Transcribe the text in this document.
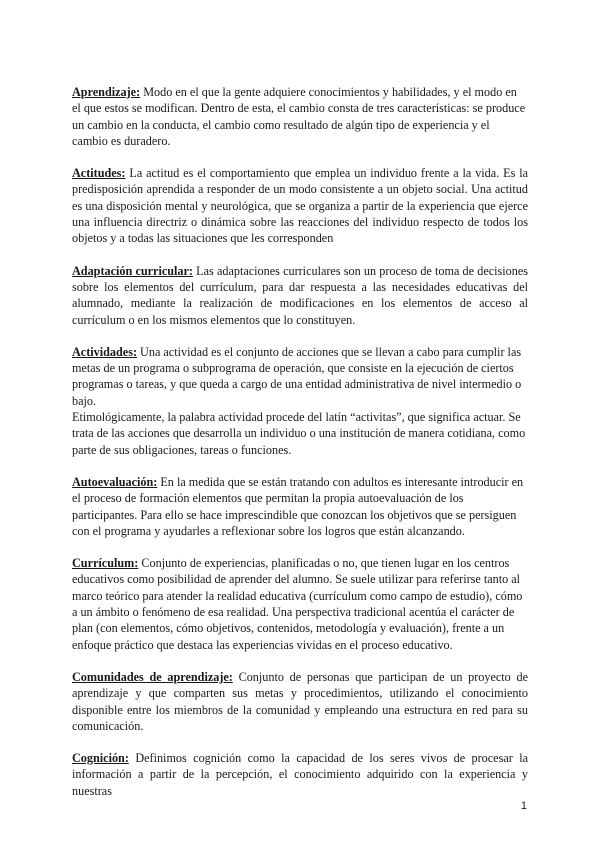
Aprendizaje: Modo en el que la gente adquiere conocimientos y habilidades, y el modo en el que estos se modifican. Dentro de esta, el cambio consta de tres características: se produce un cambio en la conducta, el cambio como resultado de algún tipo de experiencia y el cambio es duradero.

Actitudes: La actitud es el comportamiento que emplea un individuo frente a la vida. Es la predisposición aprendida a responder de un modo consistente a un objeto social. Una actitud es una disposición mental y neurológica, que se organiza a partir de la experiencia que ejerce una influencia directriz o dinámica sobre las reacciones del individuo respecto de todos los objetos y a todas las situaciones que les corresponden

Adaptación curricular: Las adaptaciones curriculares son un proceso de toma de decisiones sobre los elementos del currículum, para dar respuesta a las necesidades educativas del alumnado, mediante la realización de modificaciones en los elementos de acceso al currículum o en los mismos elementos que lo constituyen.

Actividades: Una actividad es el conjunto de acciones que se llevan a cabo para cumplir las metas de un programa o subprograma de operación, que consiste en la ejecución de ciertos programas o tareas, y que queda a cargo de una entidad administrativa de nivel intermedio o bajo.
Etimológicamente, la palabra actividad procede del latín “activitas”, que significa actuar. Se trata de las acciones que desarrolla un individuo o una institución de manera cotidiana, como parte de sus obligaciones, tareas o funciones.

Autoevaluación: En la medida que se están tratando con adultos es interesante introducir en el proceso de formación elementos que permitan la propia autoevaluación de los participantes. Para ello se hace imprescindible que conozcan los objetivos que se persiguen con el programa y ayudarles a reflexionar sobre los logros que están alcanzando.

Currículum: Conjunto de experiencias, planificadas o no, que tienen lugar en los centros educativos como posibilidad de aprender del alumno. Se suele utilizar para referirse tanto al marco teórico para atender la realidad educativa (currículum como campo de estudio), cómo a un ámbito o fenómeno de esa realidad. Una perspectiva tradicional acentúa el carácter de plan (con elementos, cómo objetivos, contenidos, metodología y evaluación), frente a un enfoque práctico que destaca las experiencias vividas en el proceso educativo.

Comunidades de aprendizaje: Conjunto de personas que participan de un proyecto de aprendizaje y que comparten sus metas y procedimientos, utilizando el conocimiento disponible entre los miembros de la comunidad y empleando una estructura en red para su comunicación.

Cognición: Definimos cognición como la capacidad de los seres vivos de procesar la información a partir de la percepción, el conocimiento adquirido con la experiencia y nuestras

1
